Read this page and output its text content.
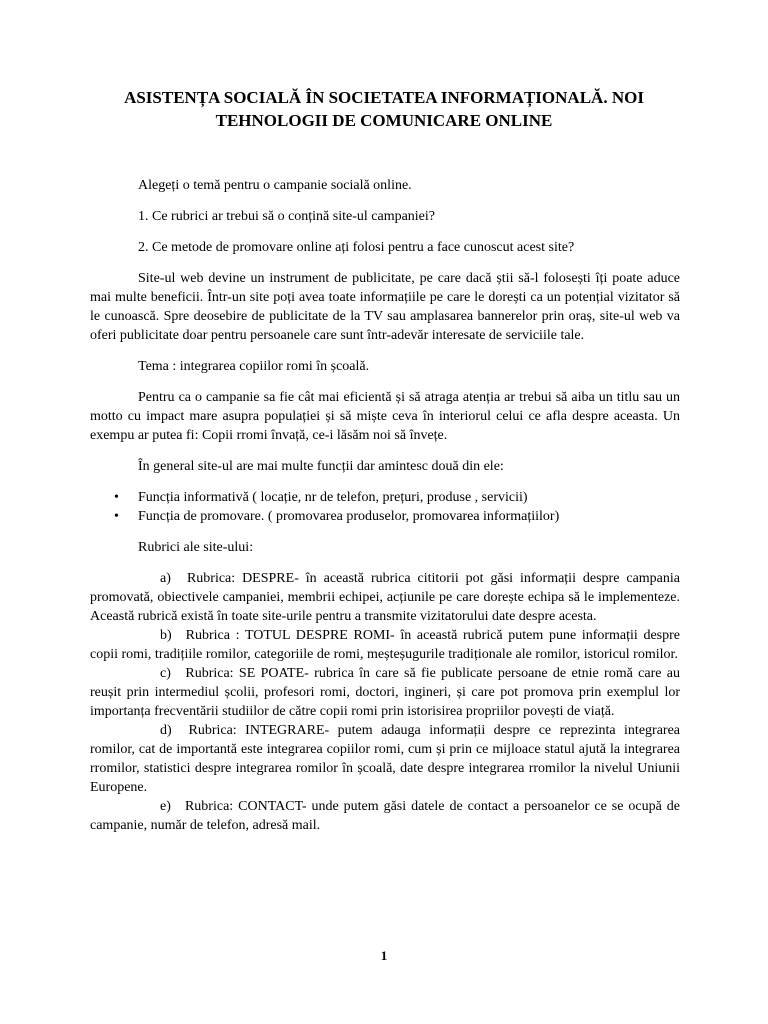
ASISTENȚA SOCIALĂ ÎN SOCIETATEA INFORMAȚIONALĂ. NOI TEHNOLOGII DE COMUNICARE ONLINE

Alegeți o temă pentru o campanie socială online.

1. Ce rubrici ar trebui să o conțină site-ul campaniei?

2. Ce metode de promovare online ați folosi pentru a face cunoscut acest site?

Site-ul web devine un instrument de publicitate, pe care dacă știi să-l folosești îți poate aduce mai multe beneficii. Într-un site poți avea toate informațiile pe care le dorești ca un potențial vizitator să le cunoască. Spre deosebire de publicitate de la TV sau amplasarea bannerelor prin oraș, site-ul web va oferi publicitate doar pentru persoanele care sunt într-adevăr interesate de serviciile tale.

Tema : integrarea copiilor romi în școală.

Pentru ca o campanie sa fie cât mai eficientă și să atraga atenția ar trebui să aiba un titlu sau un motto cu impact mare asupra populației și să miște ceva în interiorul celui ce afla despre aceasta. Un exempu ar putea fi: Copii rromi învață, ce-i lăsăm noi să învețe.

În general site-ul are mai multe funcții dar amintesc două din ele:

• Funcția informativă ( locație, nr de telefon, prețuri, produse , servicii)
• Funcția de promovare. ( promovarea produselor, promovarea informațiilor)

Rubrici ale site-ului:

a) Rubrica: DESPRE- în această rubrica cititorii pot găsi informații despre campania promovată, obiectivele campaniei, membrii echipei, acțiunile pe care dorește echipa să le implementeze. Această rubrică există în toate site-urile pentru a transmite vizitatorului date despre acesta.

b) Rubrica : TOTUL DESPRE ROMI- în această rubrică putem pune informații despre copii romi, tradițiile romilor, categoriile de romi, meșteșugurile tradiționale ale romilor, istoricul romilor.

c) Rubrica: SE POATE- rubrica în care să fie publicate persoane de etnie romă care au reușit prin intermediul școlii, profesori romi, doctori, ingineri, și care pot promova prin exemplul lor importanța frecventării studiilor de către copii romi prin istorisirea propriilor povești de viață.

d) Rubrica: INTEGRARE- putem adauga informații despre ce reprezinta integrarea romilor, cat de importantă este integrarea copiilor romi, cum și prin ce mijloace statul ajută la integrarea rromilor, statistici despre integrarea romilor în școală, date despre integrarea rromilor la nivelul Uniunii Europene.

e) Rubrica: CONTACT- unde putem găsi datele de contact a persoanelor ce se ocupă de campanie, număr de telefon, adresă mail.

1
